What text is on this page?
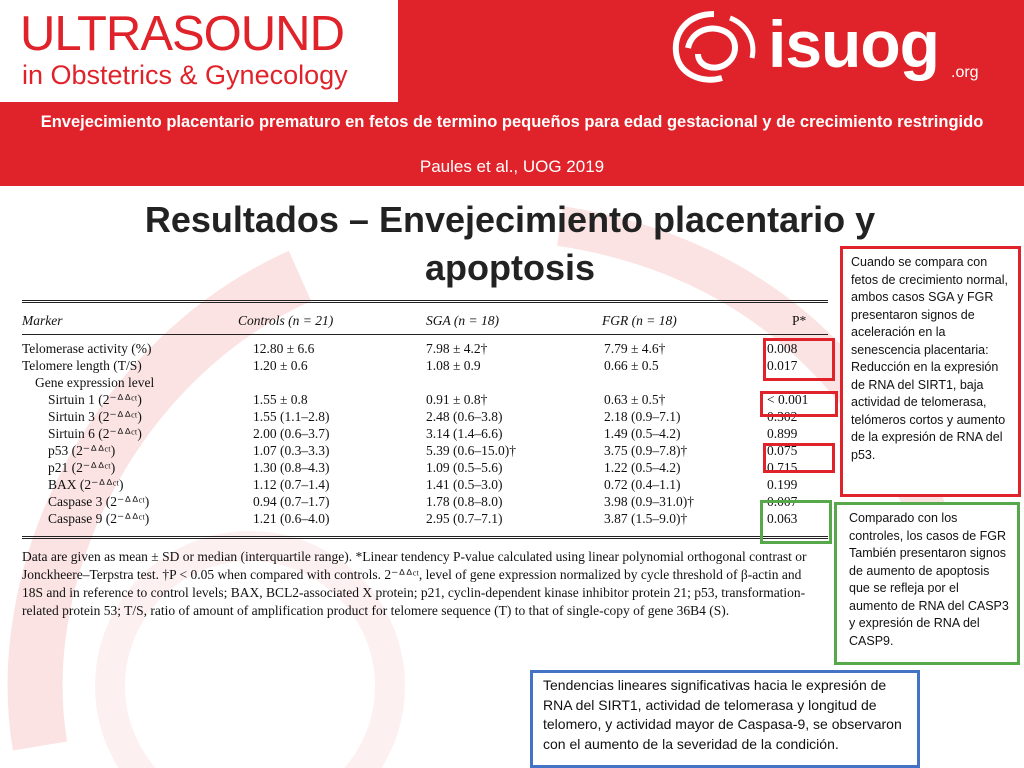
ULTRASOUND
in Obstetrics & Gynecology	isuog .org
Envejecimiento placentario prematuro en fetos de termino pequeños para edad gestacional y de crecimiento restringido
Paules et al., UOG 2019
Resultados – Envejecimiento placentario y apoptosis
Marker	Controls (n = 21)	SGA (n = 18)	FGR (n = 18)	P*
Telomerase activity (%)	12.80 ± 6.6	7.98 ± 4.2†	7.79 ± 4.6†	0.008
Telomere length (T/S)	1.20 ± 0.6	1.08 ± 0.9	0.66 ± 0.5	0.017
Gene expression level
Sirtuin 1 (2⁻ᐞᐞᶜᵗ)	1.55 ± 0.8	0.91 ± 0.8†	0.63 ± 0.5†	< 0.001
Sirtuin 3 (2⁻ᐞᐞᶜᵗ)	1.55 (1.1–2.8)	2.48 (0.6–3.8)	2.18 (0.9–7.1)	0.302
Sirtuin 6 (2⁻ᐞᐞᶜᵗ)	2.00 (0.6–3.7)	3.14 (1.4–6.6)	1.49 (0.5–4.2)	0.899
p53 (2⁻ᐞᐞᶜᵗ)	1.07 (0.3–3.3)	5.39 (0.6–15.0)†	3.75 (0.9–7.8)†	0.075
p21 (2⁻ᐞᐞᶜᵗ)	1.30 (0.8–4.3)	1.09 (0.5–5.6)	1.22 (0.5–4.2)	0.715
BAX (2⁻ᐞᐞᶜᵗ)	1.12 (0.7–1.4)	1.41 (0.5–3.0)	0.72 (0.4–1.1)	0.199
Caspase 3 (2⁻ᐞᐞᶜᵗ)	0.94 (0.7–1.7)	1.78 (0.8–8.0)	3.98 (0.9–31.0)†	0.007
Caspase 9 (2⁻ᐞᐞᶜᵗ)	1.21 (0.6–4.0)	2.95 (0.7–7.1)	3.87 (1.5–9.0)†	0.063
Data are given as mean ± SD or median (interquartile range). *Linear tendency P-value calculated using linear polynomial orthogonal contrast or Jonckheere–Terpstra test. †P < 0.05 when compared with controls. 2⁻ᐞᐞᶜᵗ, level of gene expression normalized by cycle threshold of β-actin and 18S and in reference to control levels; BAX, BCL2-associated X protein; p21, cyclin-dependent kinase inhibitor protein 21; p53, transformation-related protein 53; T/S, ratio of amount of amplification product for telomere sequence (T) to that of single-copy of gene 36B4 (S).

Cuando se compara con fetos de crecimiento normal, ambos casos SGA y FGR presentaron signos de aceleración en la senescencia placentaria:

Reducción en la expresión de RNA del SIRT1, baja actividad de telomerasa, telómeros cortos y aumento de la expresión de RNA del p53.

Comparado con los controles, los casos de FGR También presentaron signos de aumento de apoptosis que se refleja por el aumento de RNA del CASP3 y expresión de RNA del CASP9.

Tendencias lineares significativas hacia le expresión de RNA del SIRT1, actividad de telomerasa y longitud de telomero, y actividad mayor de Caspasa-9, se observaron con el aumento de la severidad de la condición.
